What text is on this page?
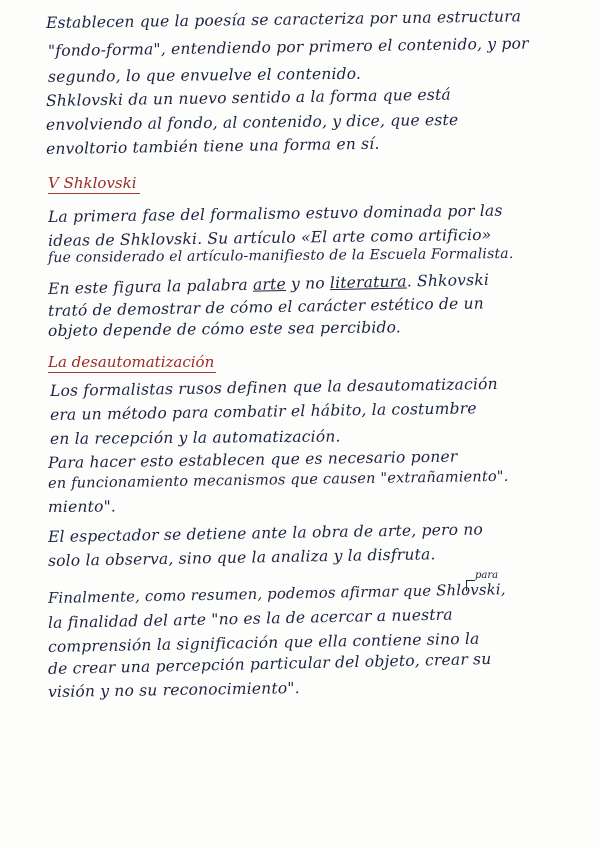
Establecen que la poesía se caracteriza por una estructura
"fondo-forma", entendiendo por primero el contenido, y por
segundo, lo que envuelve el contenido.
Shklovski da un nuevo sentido a la forma que está
envolviendo al fondo, al contenido, y dice, que este
envoltorio también tiene una forma en sí.
V Shklovski
La primera fase del formalismo estuvo dominada por las
ideas de Shklovski. Su artículo «El arte como artificio»
fue considerado el artículo-manifiesto de la Escuela Formalista.
En este figura la palabra arte y no literatura. Shkovski
trató de demostrar de cómo el carácter estético de un
objeto depende de cómo este sea percibido.
La desautomatización
Los formalistas rusos definen que la desautomatización
era un método para combatir el hábito, la costumbre
en la recepción y la automatización.
Para hacer esto establecen que es necesario poner
en funcionamiento mecanismos que causen "extrañamiento".
miento".
El espectador se detiene ante la obra de arte, pero no
solo la observa, sino que la analiza y la disfruta.
para
Finalmente, como resumen, podemos afirmar que Shlovski,
la finalidad del arte "no es la de acercar a nuestra
comprensión la significación que ella contiene sino la
de crear una percepción particular del objeto, crear su
visión y no su reconocimiento".
